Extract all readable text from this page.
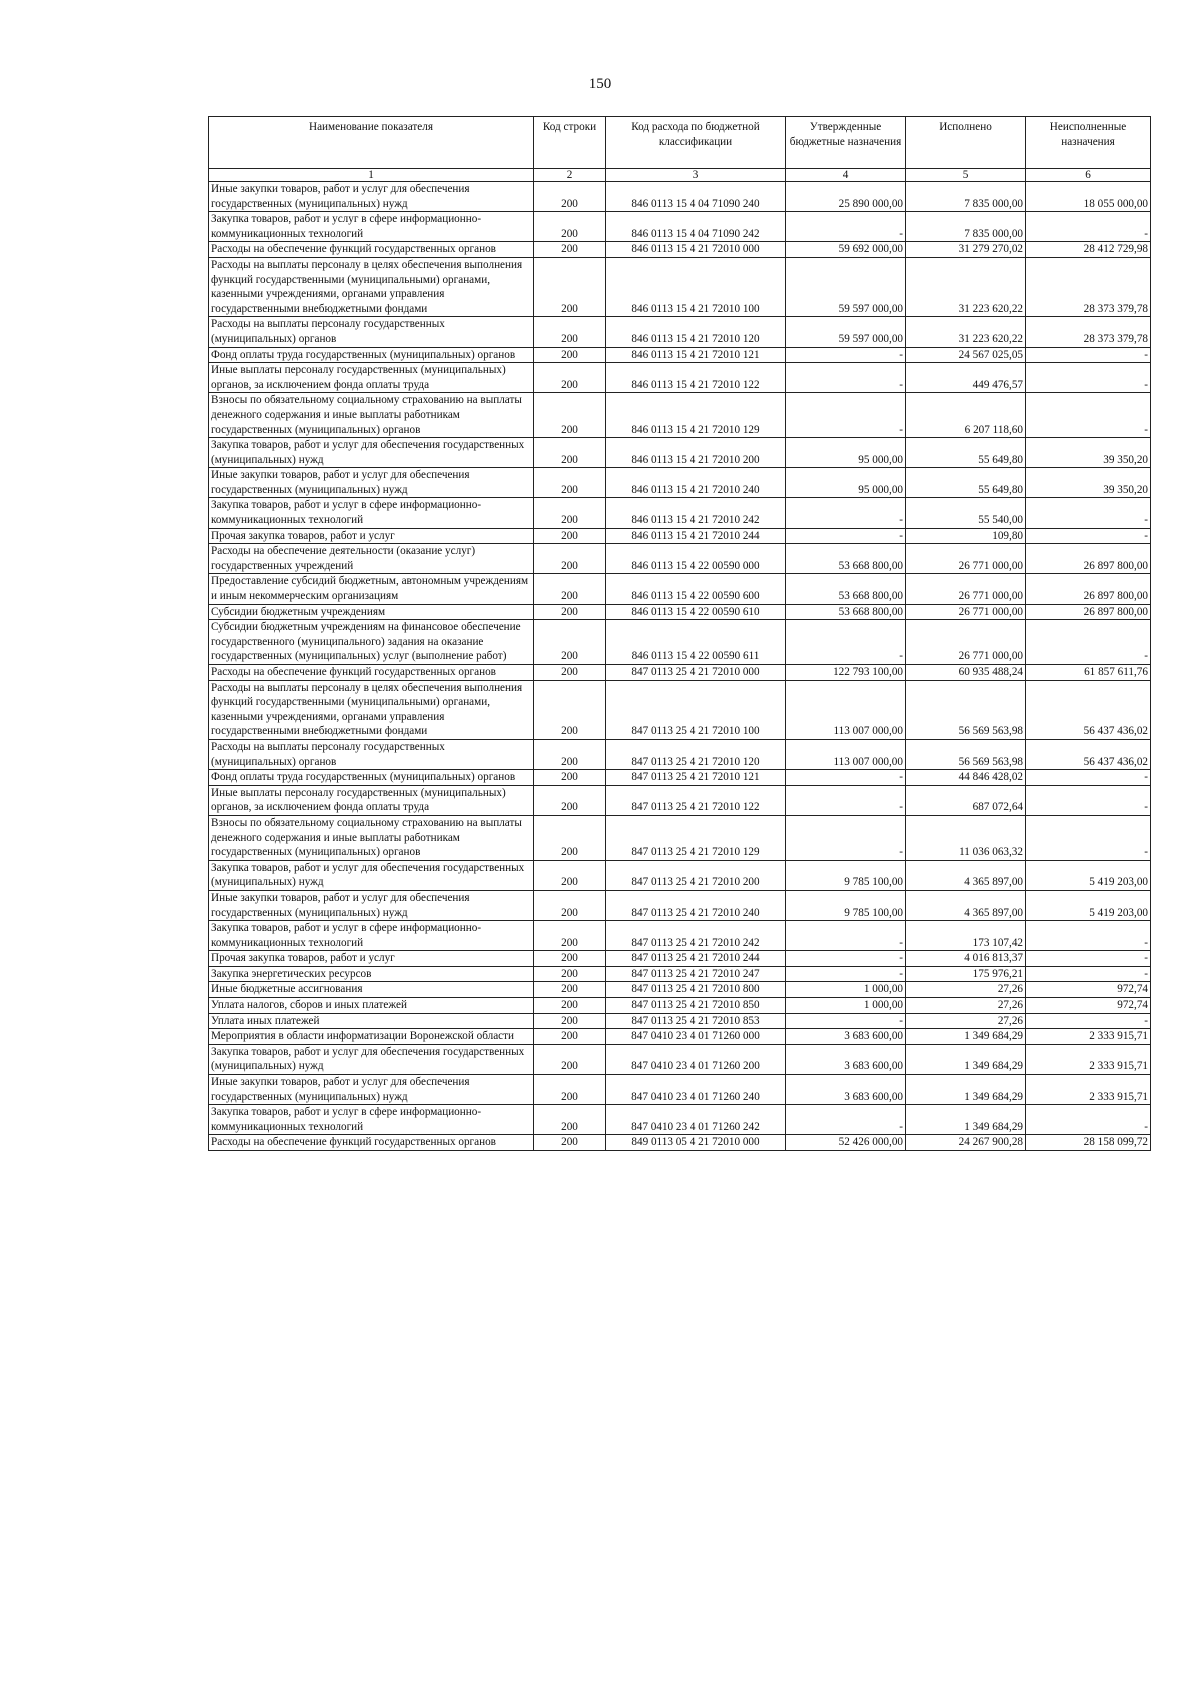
150
Наименование показателя	Код строки	Код расхода по бюджетной классификации	Утвержденные бюджетные назначения	Исполнено	Неисполненные назначения
1	2	3	4	5	6
Иные закупки товаров, работ и услуг для обеспечения государственных (муниципальных) нужд	200	846 0113 15 4 04 71090 240	25 890 000,00	7 835 000,00	18 055 000,00
Закупка товаров, работ и услуг в сфере информационно-коммуникационных технологий	200	846 0113 15 4 04 71090 242	-	7 835 000,00	-
Расходы на обеспечение функций государственных органов	200	846 0113 15 4 21 72010 000	59 692 000,00	31 279 270,02	28 412 729,98
Расходы на выплаты персоналу в целях обеспечения выполнения функций государственными (муниципальными) органами, казенными учреждениями, органами управления государственными внебюджетными фондами	200	846 0113 15 4 21 72010 100	59 597 000,00	31 223 620,22	28 373 379,78
Расходы на выплаты персоналу государственных (муниципальных) органов	200	846 0113 15 4 21 72010 120	59 597 000,00	31 223 620,22	28 373 379,78
Фонд оплаты труда государственных (муниципальных) органов	200	846 0113 15 4 21 72010 121	-	24 567 025,05	-
Иные выплаты персоналу государственных (муниципальных) органов, за исключением фонда оплаты труда	200	846 0113 15 4 21 72010 122	-	449 476,57	-
Взносы по обязательному социальному страхованию на выплаты денежного содержания и иные выплаты работникам государственных (муниципальных) органов	200	846 0113 15 4 21 72010 129	-	6 207 118,60	-
Закупка товаров, работ и услуг для обеспечения государственных (муниципальных) нужд	200	846 0113 15 4 21 72010 200	95 000,00	55 649,80	39 350,20
Иные закупки товаров, работ и услуг для обеспечения государственных (муниципальных) нужд	200	846 0113 15 4 21 72010 240	95 000,00	55 649,80	39 350,20
Закупка товаров, работ и услуг в сфере информационно-коммуникационных технологий	200	846 0113 15 4 21 72010 242	-	55 540,00	-
Прочая закупка товаров, работ и услуг	200	846 0113 15 4 21 72010 244	-	109,80	-
Расходы на обеспечение деятельности (оказание услуг) государственных учреждений	200	846 0113 15 4 22 00590 000	53 668 800,00	26 771 000,00	26 897 800,00
Предоставление субсидий бюджетным, автономным учреждениям и иным некоммерческим организациям	200	846 0113 15 4 22 00590 600	53 668 800,00	26 771 000,00	26 897 800,00
Субсидии бюджетным учреждениям	200	846 0113 15 4 22 00590 610	53 668 800,00	26 771 000,00	26 897 800,00
Субсидии бюджетным учреждениям на финансовое обеспечение государственного (муниципального) задания на оказание государственных (муниципальных) услуг (выполнение работ)	200	846 0113 15 4 22 00590 611	-	26 771 000,00	-
Расходы на обеспечение функций государственных органов	200	847 0113 25 4 21 72010 000	122 793 100,00	60 935 488,24	61 857 611,76
Расходы на выплаты персоналу в целях обеспечения выполнения функций государственными (муниципальными) органами, казенными учреждениями, органами управления государственными внебюджетными фондами	200	847 0113 25 4 21 72010 100	113 007 000,00	56 569 563,98	56 437 436,02
Расходы на выплаты персоналу государственных (муниципальных) органов	200	847 0113 25 4 21 72010 120	113 007 000,00	56 569 563,98	56 437 436,02
Фонд оплаты труда государственных (муниципальных) органов	200	847 0113 25 4 21 72010 121	-	44 846 428,02	-
Иные выплаты персоналу государственных (муниципальных) органов, за исключением фонда оплаты труда	200	847 0113 25 4 21 72010 122	-	687 072,64	-
Взносы по обязательному социальному страхованию на выплаты денежного содержания и иные выплаты работникам государственных (муниципальных) органов	200	847 0113 25 4 21 72010 129	-	11 036 063,32	-
Закупка товаров, работ и услуг для обеспечения государственных (муниципальных) нужд	200	847 0113 25 4 21 72010 200	9 785 100,00	4 365 897,00	5 419 203,00
Иные закупки товаров, работ и услуг для обеспечения государственных (муниципальных) нужд	200	847 0113 25 4 21 72010 240	9 785 100,00	4 365 897,00	5 419 203,00
Закупка товаров, работ и услуг в сфере информационно-коммуникационных технологий	200	847 0113 25 4 21 72010 242	-	173 107,42	-
Прочая закупка товаров, работ и услуг	200	847 0113 25 4 21 72010 244	-	4 016 813,37	-
Закупка энергетических ресурсов	200	847 0113 25 4 21 72010 247	-	175 976,21	-
Иные бюджетные ассигнования	200	847 0113 25 4 21 72010 800	1 000,00	27,26	972,74
Уплата налогов, сборов и иных платежей	200	847 0113 25 4 21 72010 850	1 000,00	27,26	972,74
Уплата иных платежей	200	847 0113 25 4 21 72010 853	-	27,26	-
Мероприятия в области информатизации Воронежской области	200	847 0410 23 4 01 71260 000	3 683 600,00	1 349 684,29	2 333 915,71
Закупка товаров, работ и услуг для обеспечения государственных (муниципальных) нужд	200	847 0410 23 4 01 71260 200	3 683 600,00	1 349 684,29	2 333 915,71
Иные закупки товаров, работ и услуг для обеспечения государственных (муниципальных) нужд	200	847 0410 23 4 01 71260 240	3 683 600,00	1 349 684,29	2 333 915,71
Закупка товаров, работ и услуг в сфере информационно-коммуникационных технологий	200	847 0410 23 4 01 71260 242	-	1 349 684,29	-
Расходы на обеспечение функций государственных органов	200	849 0113 05 4 21 72010 000	52 426 000,00	24 267 900,28	28 158 099,72
